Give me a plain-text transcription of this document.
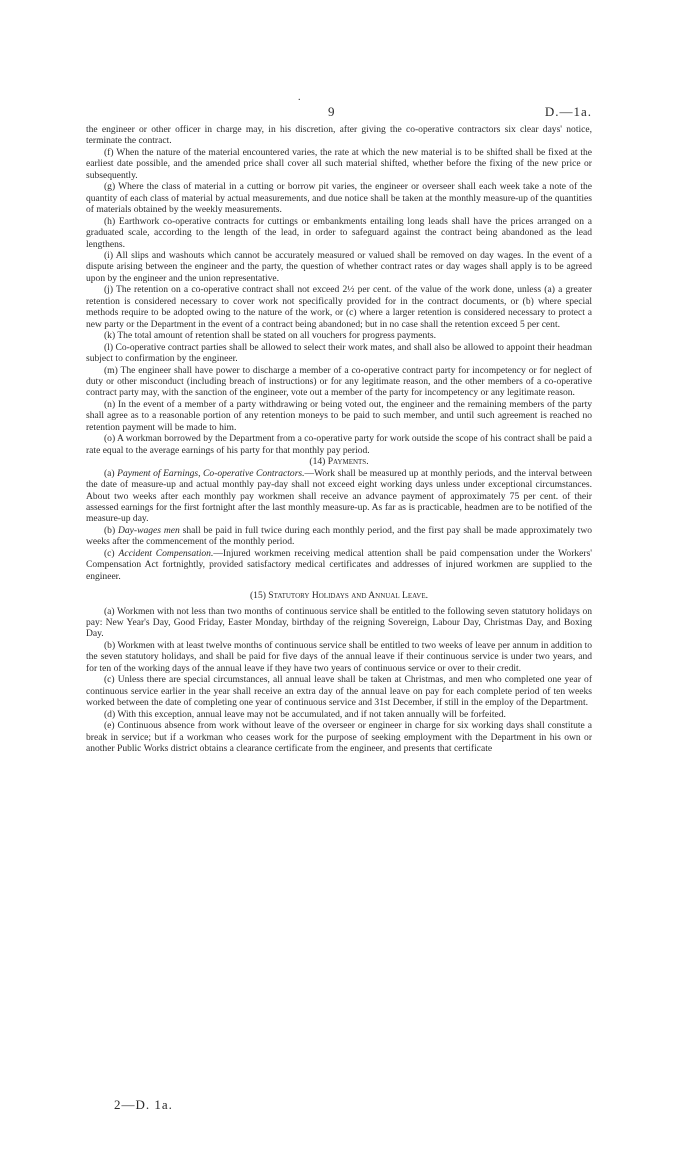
.
9	D.—1a.

the engineer or other officer in charge may, in his discretion, after giving the co-operative contractors six clear days' notice, terminate the contract.

(f) When the nature of the material encountered varies, the rate at which the new material is to be shifted shall be fixed at the earliest date possible, and the amended price shall cover all such material shifted, whether before the fixing of the new price or subsequently.

(g) Where the class of material in a cutting or borrow pit varies, the engineer or overseer shall each week take a note of the quantity of each class of material by actual measurements, and due notice shall be taken at the monthly measure-up of the quantities of materials obtained by the weekly measurements.

(h) Earthwork co-operative contracts for cuttings or embankments entailing long leads shall have the prices arranged on a graduated scale, according to the length of the lead, in order to safeguard against the contract being abandoned as the lead lengthens.

(i) All slips and washouts which cannot be accurately measured or valued shall be removed on day wages. In the event of a dispute arising between the engineer and the party, the question of whether contract rates or day wages shall apply is to be agreed upon by the engineer and the union representative.

(j) The retention on a co-operative contract shall not exceed 2½ per cent. of the value of the work done, unless (a) a greater retention is considered necessary to cover work not specifically provided for in the contract documents, or (b) where special methods require to be adopted owing to the nature of the work, or (c) where a larger retention is considered necessary to protect a new party or the Department in the event of a contract being abandoned; but in no case shall the retention exceed 5 per cent.

(k) The total amount of retention shall be stated on all vouchers for progress payments.

(l) Co-operative contract parties shall be allowed to select their work mates, and shall also be allowed to appoint their headman subject to confirmation by the engineer.

(m) The engineer shall have power to discharge a member of a co-operative contract party for incompetency or for neglect of duty or other misconduct (including breach of instructions) or for any legitimate reason, and the other members of a co-operative contract party may, with the sanction of the engineer, vote out a member of the party for incompetency or any legitimate reason.

(n) In the event of a member of a party withdrawing or being voted out, the engineer and the remaining members of the party shall agree as to a reasonable portion of any retention moneys to be paid to such member, and until such agreement is reached no retention payment will be made to him.

(o) A workman borrowed by the Department from a co-operative party for work outside the scope of his contract shall be paid a rate equal to the average earnings of his party for that monthly pay period.

(14) Payments.

(a) Payment of Earnings, Co-operative Contractors.—Work shall be measured up at monthly periods, and the interval between the date of measure-up and actual monthly pay-day shall not exceed eight working days unless under exceptional circumstances. About two weeks after each monthly pay workmen shall receive an advance payment of approximately 75 per cent. of their assessed earnings for the first fortnight after the last monthly measure-up. As far as is practicable, headmen are to be notified of the measure-up day.

(b) Day-wages men shall be paid in full twice during each monthly period, and the first pay shall be made approximately two weeks after the commencement of the monthly period.

(c) Accident Compensation.—Injured workmen receiving medical attention shall be paid compensation under the Workers' Compensation Act fortnightly, provided satisfactory medical certificates and addresses of injured workmen are supplied to the engineer.

(15) Statutory Holidays and Annual Leave.

(a) Workmen with not less than two months of continuous service shall be entitled to the following seven statutory holidays on pay: New Year's Day, Good Friday, Easter Monday, birthday of the reigning Sovereign, Labour Day, Christmas Day, and Boxing Day.

(b) Workmen with at least twelve months of continuous service shall be entitled to two weeks of leave per annum in addition to the seven statutory holidays, and shall be paid for five days of the annual leave if their continuous service is under two years, and for ten of the working days of the annual leave if they have two years of continuous service or over to their credit.

(c) Unless there are special circumstances, all annual leave shall be taken at Christmas, and men who completed one year of continuous service earlier in the year shall receive an extra day of the annual leave on pay for each complete period of ten weeks worked between the date of completing one year of continuous service and 31st December, if still in the employ of the Department.

(d) With this exception, annual leave may not be accumulated, and if not taken annually will be forfeited.

(e) Continuous absence from work without leave of the overseer or engineer in charge for six working days shall constitute a break in service; but if a workman who ceases work for the purpose of seeking employment with the Department in his own or another Public Works district obtains a clearance certificate from the engineer, and presents that certificate

2—D. 1a.
